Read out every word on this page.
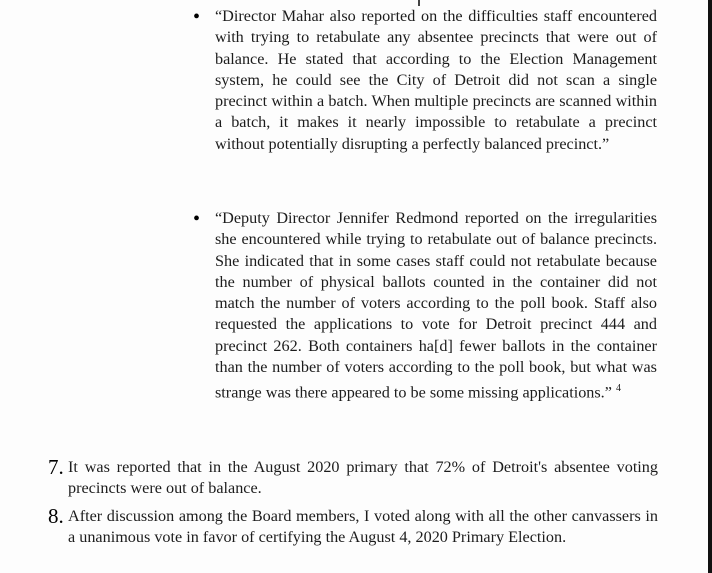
• “Director Mahar also reported on the difficulties staff encountered with trying to retabulate any absentee precincts that were out of balance. He stated that according to the Election Management system, he could see the City of Detroit did not scan a single precinct within a batch. When multiple precincts are scanned within a batch, it makes it nearly impossible to retabulate a precinct without potentially disrupting a perfectly balanced precinct.”
• “Deputy Director Jennifer Redmond reported on the irregularities she encountered while trying to retabulate out of balance precincts. She indicated that in some cases staff could not retabulate because the number of physical ballots counted in the container did not match the number of voters according to the poll book. Staff also requested the applications to vote for Detroit precinct 444 and precinct 262. Both containers ha[d] fewer ballots in the container than the number of voters according to the poll book, but what was strange was there appeared to be some missing applications.” $^4$
7. It was reported that in the August 2020 primary that 72% of Detroit's absentee voting precincts were out of balance.
8. After discussion among the Board members, I voted along with all the other canvassers in a unanimous vote in favor of certifying the August 4, 2020 Primary Election.
